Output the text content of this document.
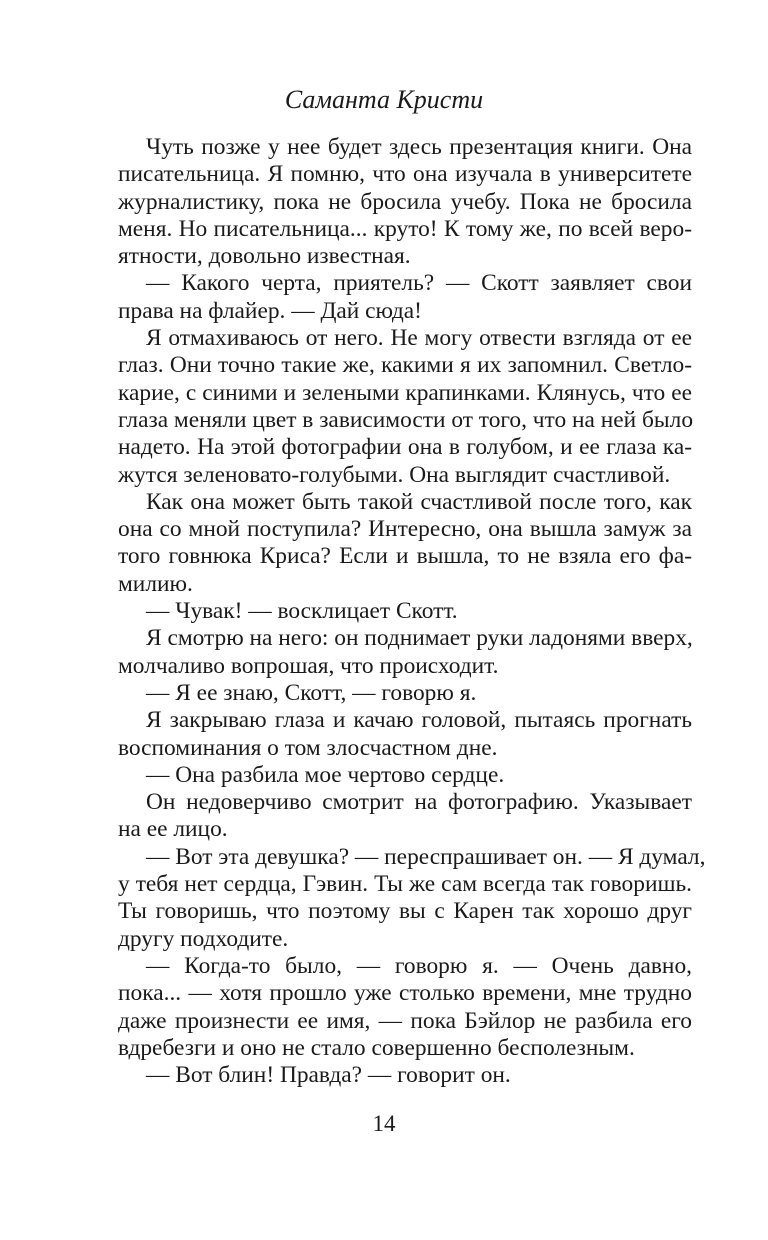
Саманта Кристи
Чуть позже у нее будет здесь презентация книги. Она
писательница. Я помню, что она изучала в университете
журналистику, пока не бросила учебу. Пока не бросила
меня. Но писательница... круто! К тому же, по всей веро-
ятности, довольно известная.
— Какого черта, приятель? — Скотт заявляет свои
права на флайер. — Дай сюда!
Я отмахиваюсь от него. Не могу отвести взгляда от ее
глаз. Они точно такие же, какими я их запомнил. Светло-
карие, с синими и зелеными крапинками. Клянусь, что ее
глаза меняли цвет в зависимости от того, что на ней было
надето. На этой фотографии она в голубом, и ее глаза ка-
жутся зеленовато-голубыми. Она выглядит счастливой.
Как она может быть такой счастливой после того, как
она со мной поступила? Интересно, она вышла замуж за
того говнюка Криса? Если и вышла, то не взяла его фа-
милию.
— Чувак! — восклицает Скотт.
Я смотрю на него: он поднимает руки ладонями вверх,
молчаливо вопрошая, что происходит.
— Я ее знаю, Скотт, — говорю я.
Я закрываю глаза и качаю головой, пытаясь прогнать
воспоминания о том злосчастном дне.
— Она разбила мое чертово сердце.
Он недоверчиво смотрит на фотографию. Указывает
на ее лицо.
— Вот эта девушка? — переспрашивает он. — Я думал,
у тебя нет сердца, Гэвин. Ты же сам всегда так говоришь.
Ты говоришь, что поэтому вы с Карен так хорошо друг
другу подходите.
— Когда-то было, — говорю я. — Очень давно,
пока... — хотя прошло уже столько времени, мне трудно
даже произнести ее имя, — пока Бэйлор не разбила его
вдребезги и оно не стало совершенно бесполезным.
— Вот блин! Правда? — говорит он.
14
